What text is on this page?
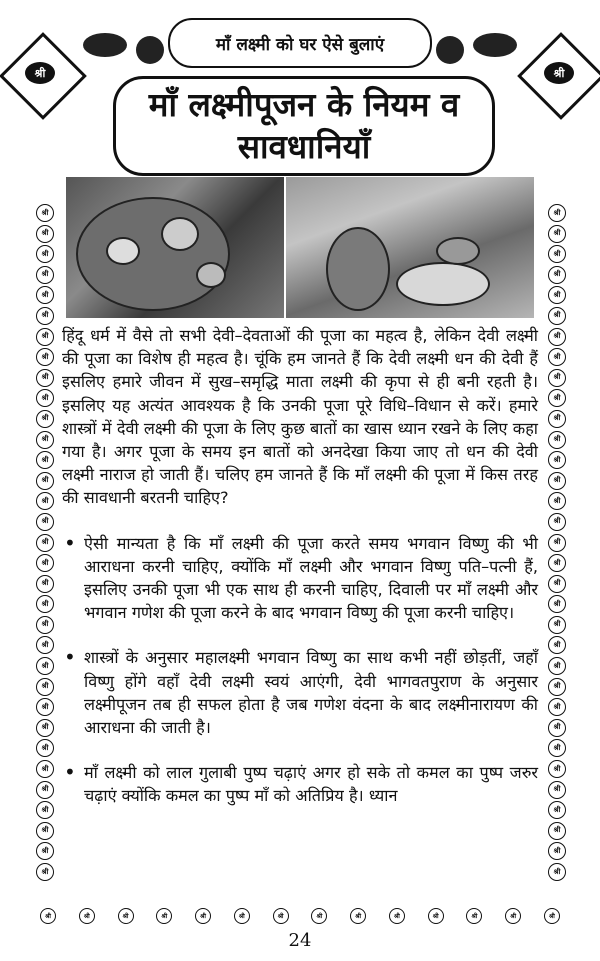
श्री	श्री
माँ लक्ष्मी को घर ऐसे बुलाएं
माँ लक्ष्मीपूजन के नियम व
सावधानियाँ
श्री
श्री
श्री
श्री
श्री
श्री
श्री
श्री
श्री
श्री
श्री
श्री
श्री
श्री
श्री
श्री
श्री
श्री
श्री
श्री
श्री
श्री
श्री
श्री
श्री
श्री
श्री
श्री
श्री
श्री
श्री
श्री
श्री
श्री
श्री
श्री
श्री
श्री
श्री
श्री
श्री
श्री
श्री
श्री
श्री
श्री
श्री
श्री
श्री
श्री
श्री
श्री
श्री
श्री
श्री
श्री
श्री
श्री
श्री
श्री
श्री
श्री
श्री
श्री
श्री
श्री

हिंदू धर्म में वैसे तो सभी देवी–देवताओं की पूजा का महत्व है, लेकिन देवी लक्ष्मी की पूजा का विशेष ही महत्व है। चूंकि हम जानते हैं कि देवी लक्ष्मी धन की देवी हैं इसलिए हमारे जीवन में सुख–समृद्धि माता लक्ष्मी की कृपा से ही बनी रहती है। इसलिए यह अत्यंत आवश्यक है कि उनकी पूजा पूरे विधि–विधान से करें। हमारे शास्त्रों में देवी लक्ष्मी की पूजा के लिए कुछ बातों का खास ध्यान रखने के लिए कहा गया है। अगर पूजा के समय इन बातों को अनदेखा किया जाए तो धन की देवी लक्ष्मी नाराज हो जाती हैं। चलिए हम जानते हैं कि माँ लक्ष्मी की पूजा में किस तरह की सावधानी बरतनी चाहिए?

• ऐसी मान्यता है कि माँ लक्ष्मी की पूजा करते समय भगवान विष्णु की भी आराधना करनी चाहिए, क्योंकि माँ लक्ष्मी और भगवान विष्णु पति–पत्नी हैं, इसलिए उनकी पूजा भी एक साथ ही करनी चाहिए, दिवाली पर माँ लक्ष्मी और भगवान गणेश की पूजा करने के बाद भगवान विष्णु की पूजा करनी चाहिए।

• शास्त्रों के अनुसार महालक्ष्मी भगवान विष्णु का साथ कभी नहीं छोड़तीं, जहाँ विष्णु होंगे वहाँ देवी लक्ष्मी स्वयं आएंगी, देवी भागवतपुराण के अनुसार लक्ष्मीपूजन तब ही सफल होता है जब गणेश वंदना के बाद लक्ष्मीनारायण की आराधना की जाती है।

• माँ लक्ष्मी को लाल गुलाबी पुष्प चढ़ाएं अगर हो सके तो कमल का पुष्प जरुर चढ़ाएं क्योंकि कमल का पुष्प माँ को अतिप्रिय है। ध्यान

श्री	श्री	श्री	श्री	श्री	श्री	श्री	श्री	श्री	श्री	श्री	श्री	श्री	श्री
24
